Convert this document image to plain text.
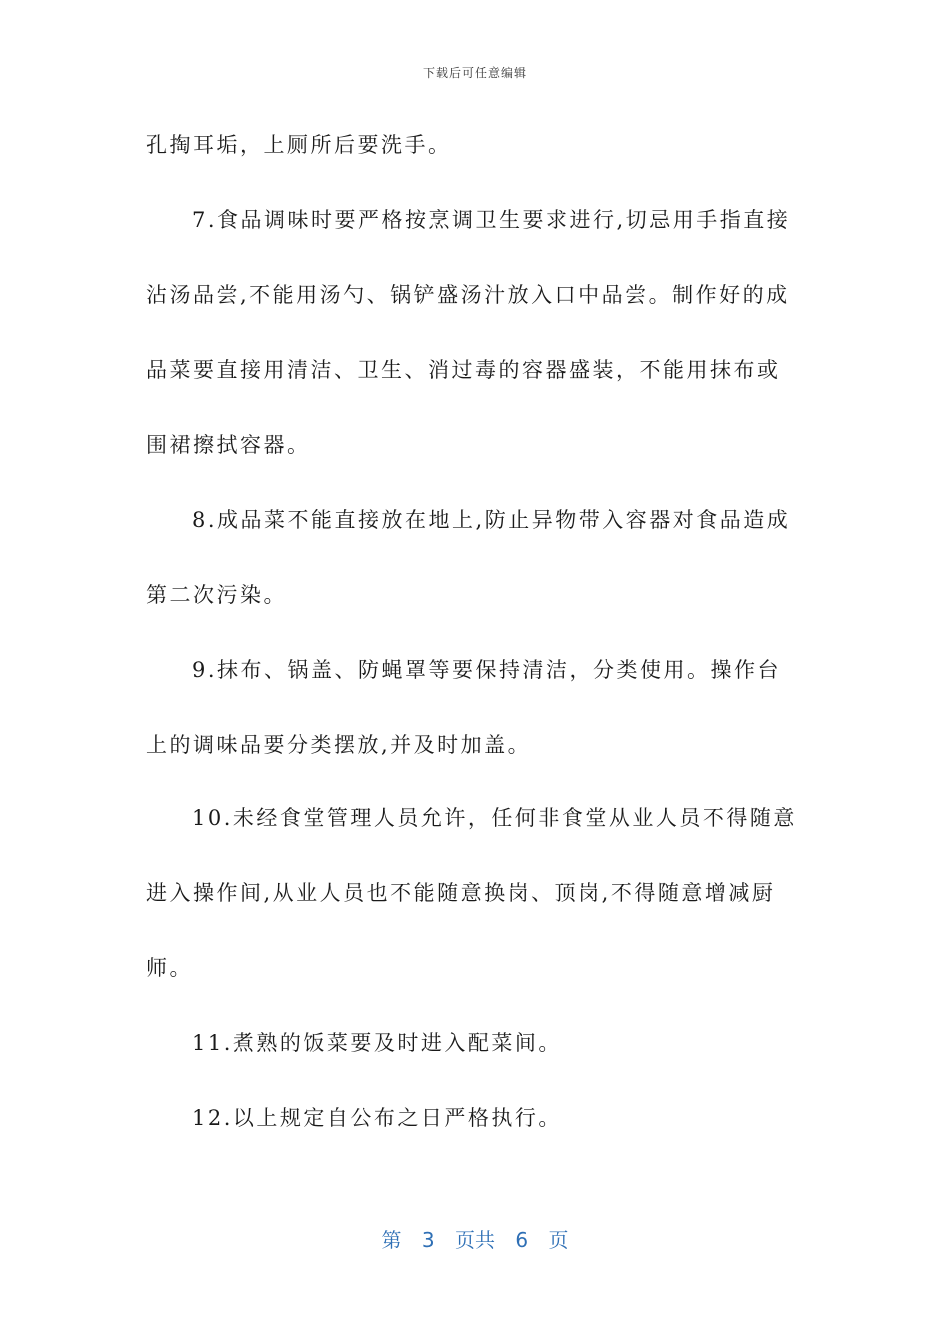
下载后可任意编辑
孔掏耳垢，上厕所后要洗手。
7.食品调味时要严格按烹调卫生要求进行,切忌用手指直接
沾汤品尝,不能用汤勺、锅铲盛汤汁放入口中品尝。制作好的成
品菜要直接用清洁、卫生、消过毒的容器盛装，不能用抹布或
围裙擦拭容器。
8.成品菜不能直接放在地上,防止异物带入容器对食品造成
第二次污染。
9.抹布、锅盖、防蝇罩等要保持清洁，分类使用。操作台
上的调味品要分类摆放,并及时加盖。
10.未经食堂管理人员允许，任何非食堂从业人员不得随意
进入操作间,从业人员也不能随意换岗、顶岗,不得随意增减厨
师。
11.煮熟的饭菜要及时进入配菜间。
12.以上规定自公布之日严格执行。
第 3 页共 6 页
